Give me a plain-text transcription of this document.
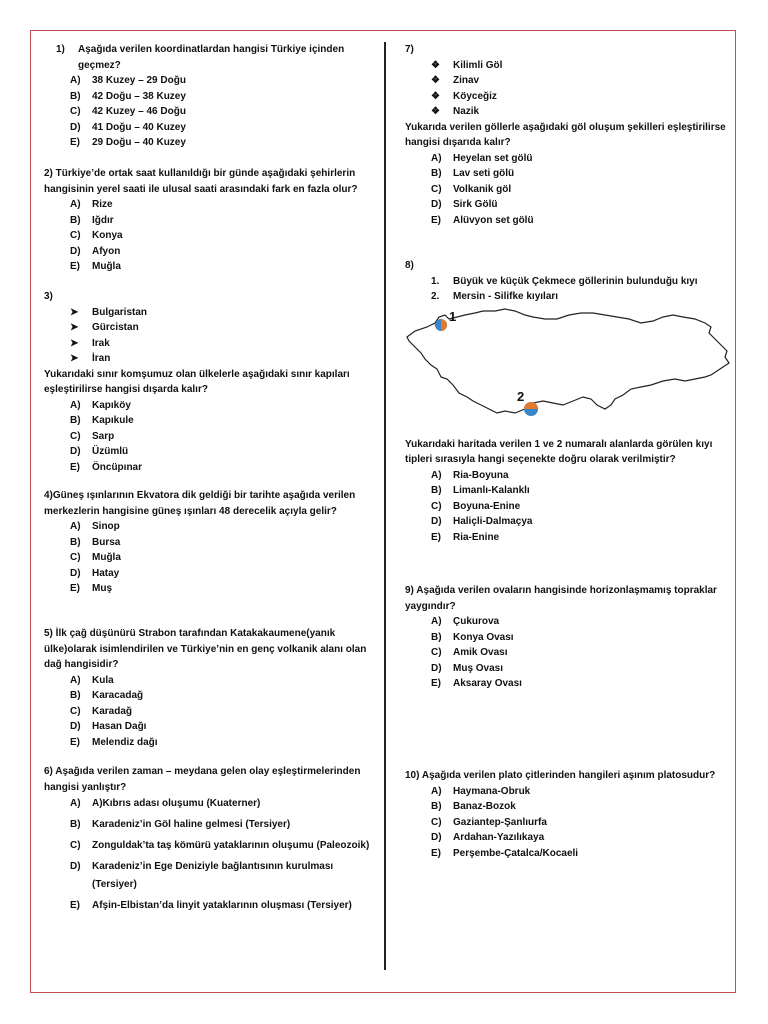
1) Aşağıda verilen koordinatlardan hangisi Türkiye içinden geçmez?
A)	38 Kuzey – 29 Doğu
B)	42 Doğu – 38 Kuzey
C)	42 Kuzey – 46 Doğu
D)	41 Doğu – 40 Kuzey
E)	29 Doğu – 40 Kuzey
2) Türkiye’de ortak saat kullanıldığı bir günde aşağıdaki şehirlerin hangisinin yerel saati ile ulusal saati arasındaki fark en fazla olur?
A)	Rize
B)	Iğdır
C)	Konya
D)	Afyon
E)	Muğla
3)
➤	Bulgaristan
➤	Gürcistan
➤	Irak
➤	İran
Yukarıdaki sınır komşumuz olan ülkelerle aşağıdaki sınır kapıları eşleştirilirse hangisi dışarda kalır?
A)	Kapıköy
B)	Kapıkule
C)	Sarp
D)	Üzümlü
E)	Öncüpınar
4)Güneş ışınlarının Ekvatora dik geldiği bir tarihte aşağıda verilen merkezlerin hangisine güneş ışınları 48 derecelik açıyla gelir?
A)	Sinop
B)	Bursa
C)	Muğla
D)	Hatay
E)	Muş
5) İlk çağ düşünürü Strabon tarafından Katakakaumene(yanık ülke)olarak isimlendirilen ve Türkiye’nin en genç volkanik alanı olan dağ hangisidir?
A)	Kula
B)	Karacadağ
C)	Karadağ
D)	Hasan Dağı
E)	Melendiz dağı
6) Aşağıda verilen zaman – meydana gelen olay eşleştirmelerinden hangisi yanlıştır?
A)	A)Kıbrıs adası oluşumu (Kuaterner)
B)	Karadeniz’in Göl haline gelmesi (Tersiyer)
C)	Zonguldak’ta taş kömürü yataklarının oluşumu (Paleozoik)
D)	Karadeniz’in Ege Deniziyle bağlantısının kurulması (Tersiyer)
E)	Afşin-Elbistan’da linyit yataklarının oluşması (Tersiyer)
7)
❖	Kilimli Göl
❖	Zinav
❖	Köyceğiz
❖	Nazik
Yukarıda verilen göllerle aşağıdaki göl oluşum şekilleri eşleştirilirse hangisi dışarıda kalır?
A)	Heyelan set gölü
B)	Lav seti gölü
C)	Volkanik göl
D)	Sirk Gölü
E)	Alüvyon set gölü
8)
1. Büyük ve küçük Çekmece göllerinin bulunduğu kıyı
2. Mersin - Silifke kıyıları
1
2
Yukarıdaki haritada verilen 1 ve 2 numaralı alanlarda görülen kıyı tipleri sırasıyla hangi seçenekte doğru olarak verilmiştir?
A)	Ria-Boyuna
B)	Limanlı-Kalanklı
C)	Boyuna-Enine
D)	Haliçli-Dalmaçya
E)	Ria-Enine
9) Aşağıda verilen ovaların hangisinde horizonlaşmamış topraklar yaygındır?
A)	Çukurova
B)	Konya Ovası
C)	Amik Ovası
D)	Muş Ovası
E)	Aksaray Ovası
10) Aşağıda verilen plato çitlerinden hangileri aşınım platosudur?
A)	Haymana-Obruk
B)	Banaz-Bozok
C)	Gaziantep-Şanlıurfa
D)	Ardahan-Yazılıkaya
E)	Perşembe-Çatalca/Kocaeli
